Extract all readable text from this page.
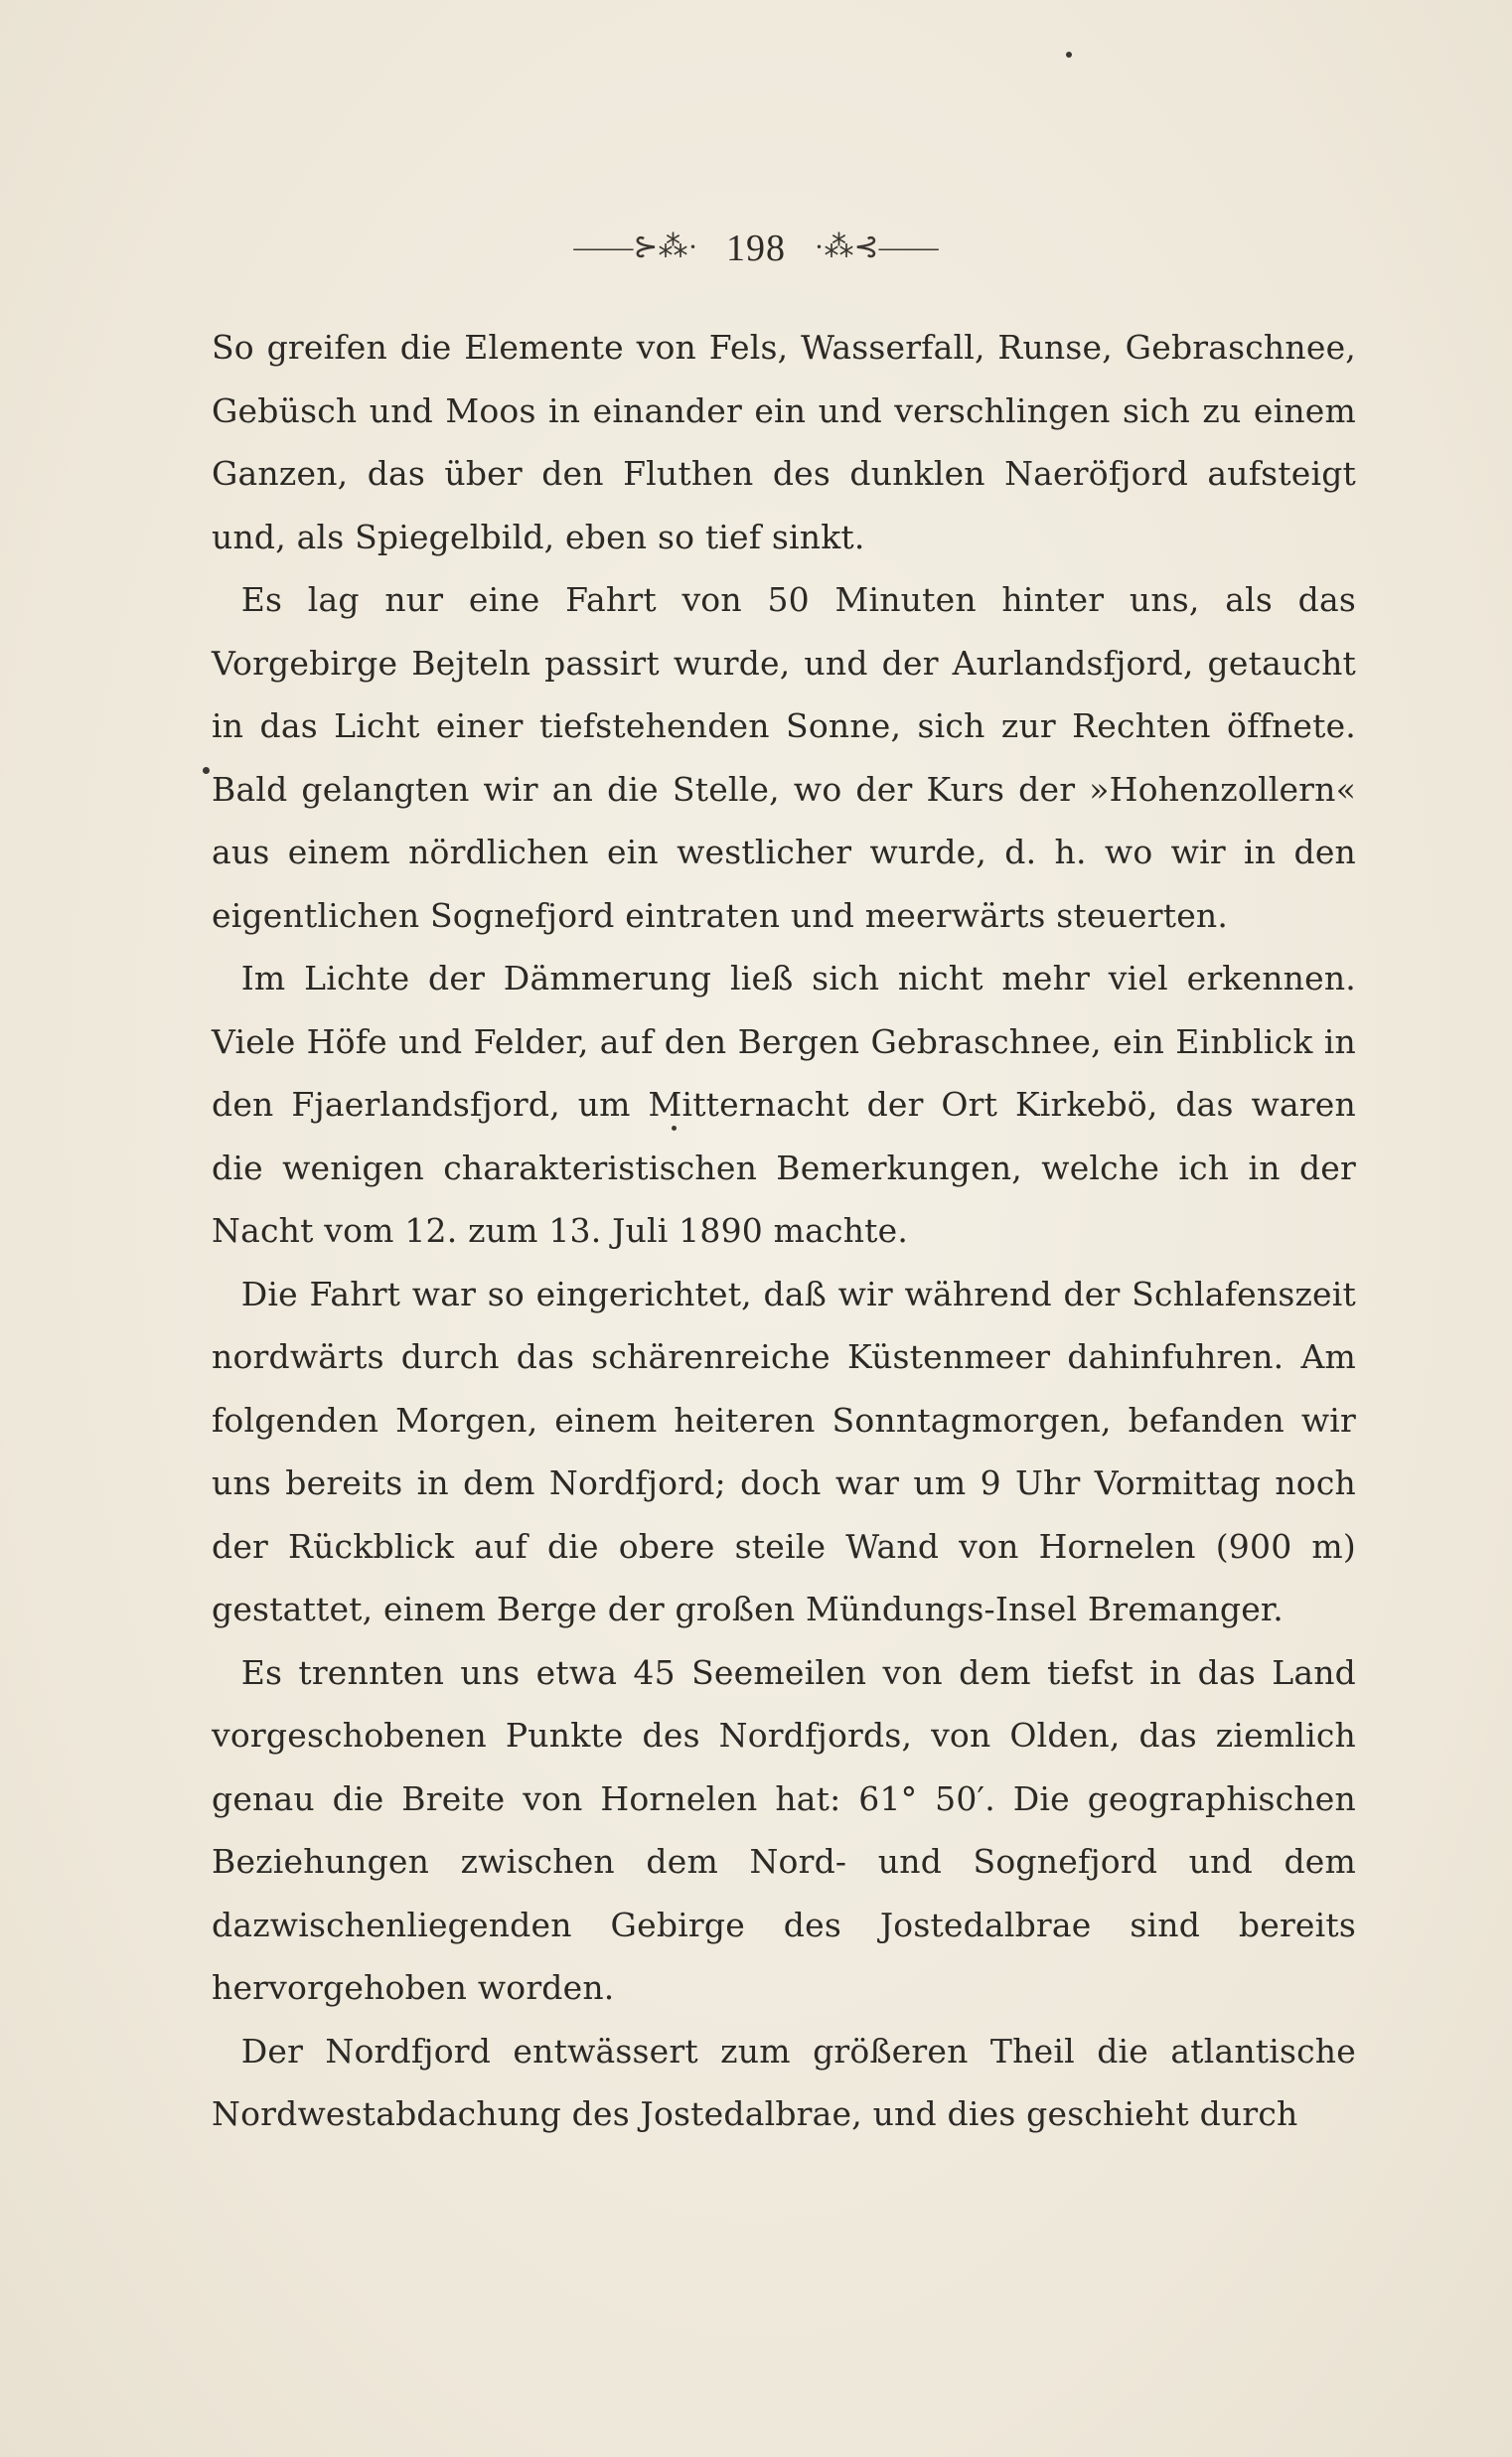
——⊱⁂· 198 ·⁂⊰——

So greifen die Elemente von Fels, Wasserfall, Runse, Gebraschnee, Gebüsch und Moos in einander ein und verschlingen sich zu einem Ganzen, das über den Fluthen des dunklen Naeröfjord aufsteigt und, als Spiegelbild, eben so tief sinkt.

Es lag nur eine Fahrt von 50 Minuten hinter uns, als das Vorgebirge Bejteln passirt wurde, und der Aurlandsfjord, getaucht in das Licht einer tiefstehenden Sonne, sich zur Rechten öffnete. Bald gelangten wir an die Stelle, wo der Kurs der »Hohenzollern« aus einem nördlichen ein westlicher wurde, d. h. wo wir in den eigentlichen Sognefjord eintraten und meerwärts steuerten.

Im Lichte der Dämmerung ließ sich nicht mehr viel erkennen. Viele Höfe und Felder, auf den Bergen Gebraschnee, ein Einblick in den Fjaerlandsfjord, um Mitternacht der Ort Kirkebö, das waren die wenigen charakteristischen Bemerkungen, welche ich in der Nacht vom 12. zum 13. Juli 1890 machte.

Die Fahrt war so eingerichtet, daß wir während der Schlafenszeit nordwärts durch das schärenreiche Küstenmeer dahinfuhren. Am folgenden Morgen, einem heiteren Sonntagmorgen, befanden wir uns bereits in dem Nordfjord; doch war um 9 Uhr Vormittag noch der Rückblick auf die obere steile Wand von Hornelen (900 m) gestattet, einem Berge der großen Mündungs-Insel Bremanger.

Es trennten uns etwa 45 Seemeilen von dem tiefst in das Land vorgeschobenen Punkte des Nordfjords, von Olden, das ziemlich genau die Breite von Hornelen hat: 61° 50′. Die geographischen Beziehungen zwischen dem Nord- und Sognefjord und dem dazwischenliegenden Gebirge des Jostedalbrae sind bereits hervorgehoben worden.

Der Nordfjord entwässert zum größeren Theil die atlantische Nordwestabdachung des Jostedalbrae, und dies geschieht durch
